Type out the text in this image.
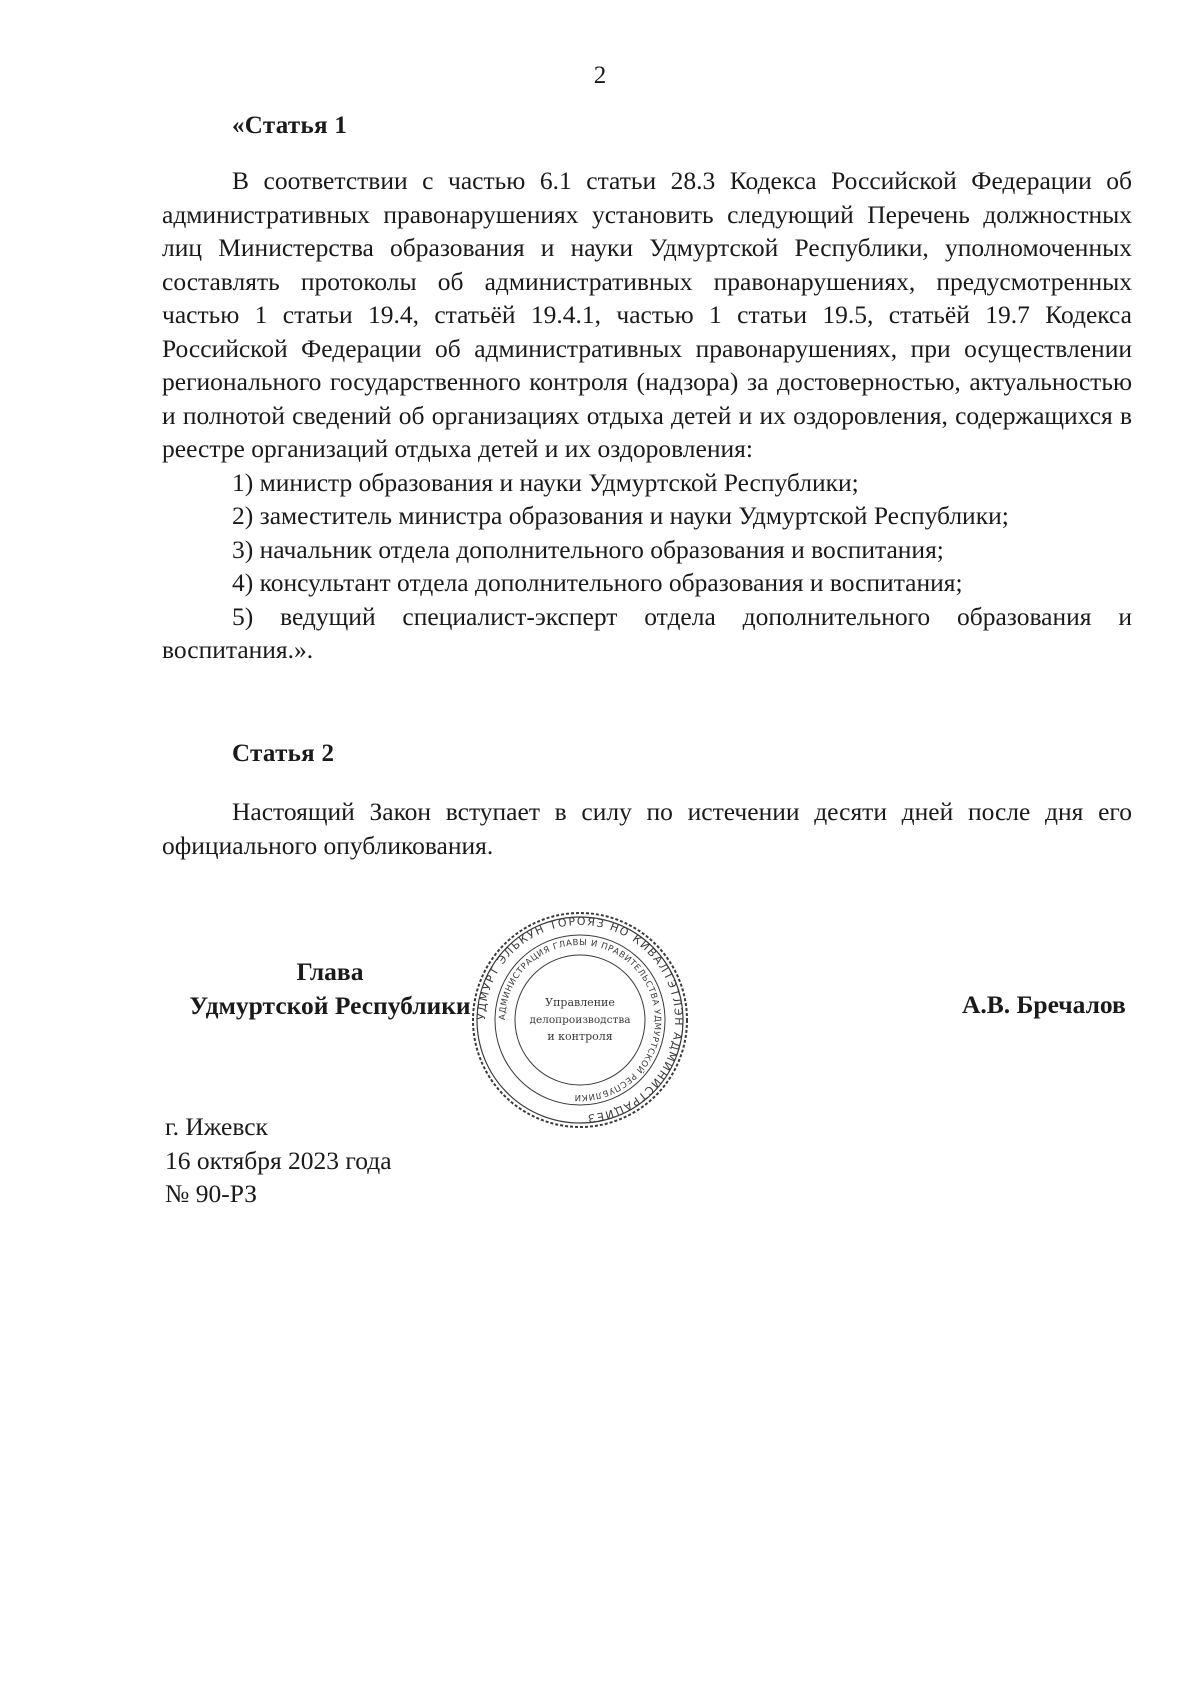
2
«Статья 1

В соответствии с частью 6.1 статьи 28.3 Кодекса Российской Федерации об административных правонарушениях установить следующий Перечень должностных лиц Министерства образования и науки Удмуртской Республики, уполномоченных составлять протоколы об административных правонарушениях, предусмотренных частью 1 статьи 19.4, статьёй 19.4.1, частью 1 статьи 19.5, статьёй 19.7 Кодекса Российской Федерации об административных правонарушениях, при осуществлении регионального государственного контроля (надзора) за достоверностью, актуальностью и полнотой сведений об организациях отдыха детей и их оздоровления, содержащихся в реестре организаций отдыха детей и их оздоровления:

1) министр образования и науки Удмуртской Республики;

2) заместитель министра образования и науки Удмуртской Республики;

3) начальник отдела дополнительного образования и воспитания;

4) консультант отдела дополнительного образования и воспитания;

5) ведущий специалист-эксперт отдела дополнительного образования и воспитания.».

Статья 2

Настоящий Закон вступает в силу по истечении десяти дней после дня его официального опубликования.

Глава
Удмуртской Республики	А.В. Бречалов
УДМУРТ ЭЛЬКУН ТОРОЯЗ НО КИВАЛТЭТЛЭН АДМИНИСТРАЦИЕЗ
АДМИНИСТРАЦИЯ ГЛАВЫ И ПРАВИТЕЛЬСТВА УДМУРТСКОЙ РЕСПУБЛИКИ
Управление
делопроизводства
и контроля
г. Ижевск
16 октября 2023 года
№ 90-РЗ
